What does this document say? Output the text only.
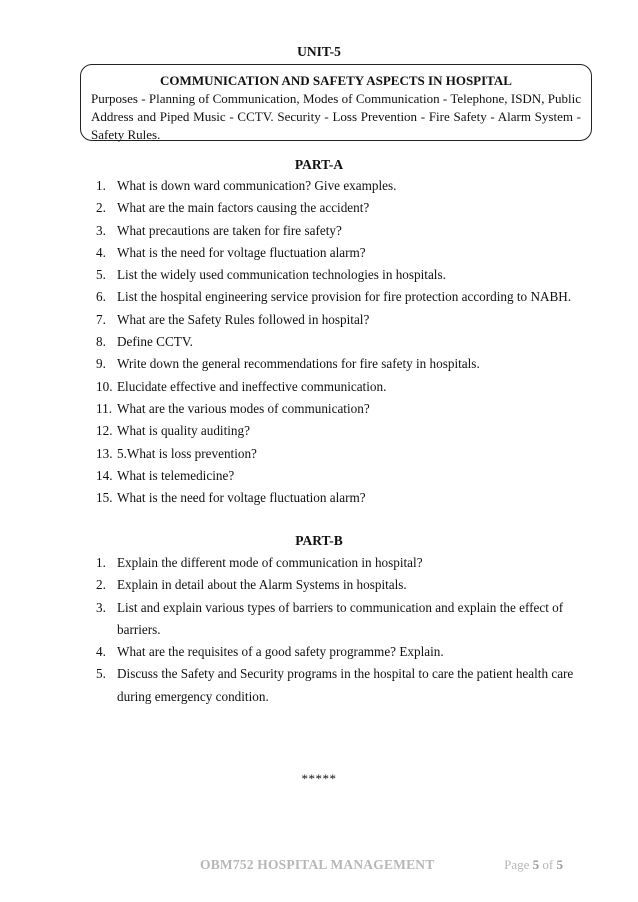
UNIT-5
COMMUNICATION AND SAFETY ASPECTS IN HOSPITAL
Purposes - Planning of Communication, Modes of Communication - Telephone, ISDN, Public Address and Piped Music - CCTV. Security - Loss Prevention - Fire Safety - Alarm System - Safety Rules.
PART-A
1. What is down ward communication? Give examples.
2. What are the main factors causing the accident?
3. What precautions are taken for fire safety?
4. What is the need for voltage fluctuation alarm?
5. List the widely used communication technologies in hospitals.
6. List the hospital engineering service provision for fire protection according to NABH.
7. What are the Safety Rules followed in hospital?
8. Define CCTV.
9. Write down the general recommendations for fire safety in hospitals.
10. Elucidate effective and ineffective communication.
11. What are the various modes of communication?
12. What is quality auditing?
13. 5.What is loss prevention?
14. What is telemedicine?
15. What is the need for voltage fluctuation alarm?
PART-B
1. Explain the different mode of communication in hospital?
2. Explain in detail about the Alarm Systems in hospitals.
3. List and explain various types of barriers to communication and explain the effect of barriers.
4. What are the requisites of a good safety programme? Explain.
5. Discuss the Safety and Security programs in the hospital to care the patient health care during emergency condition.
*****
OBM752 HOSPITAL MANAGEMENT	Page 5 of 5
